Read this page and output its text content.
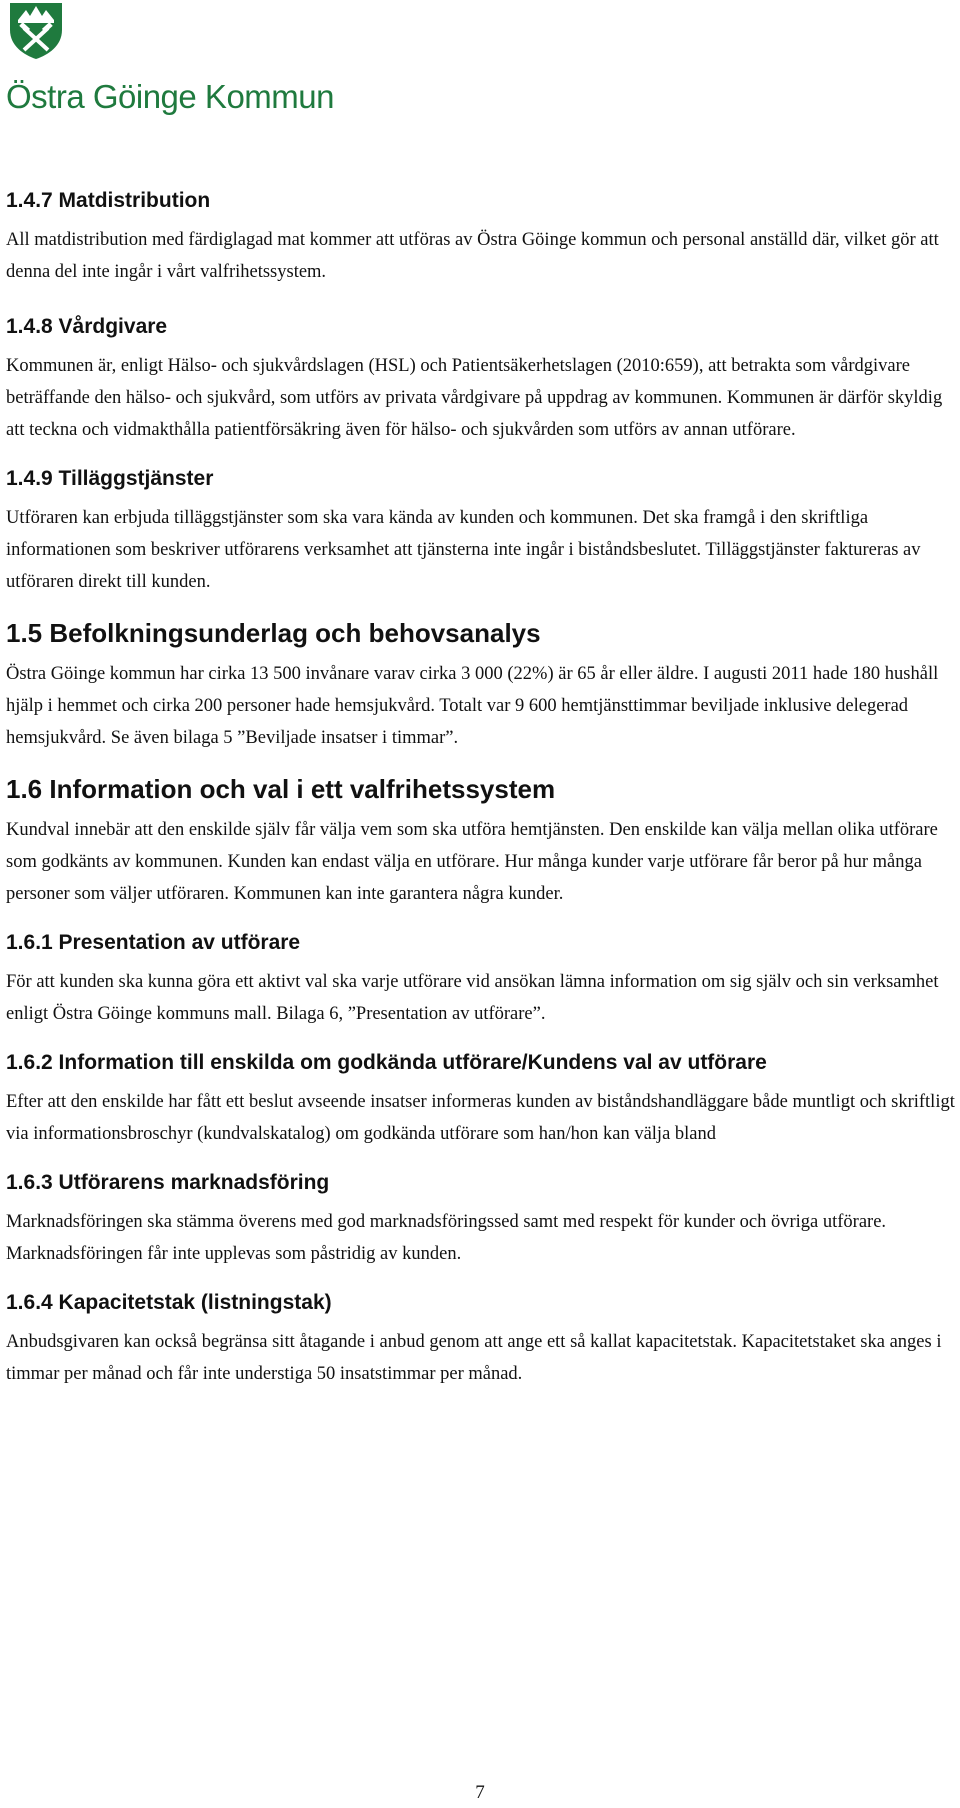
Östra Göinge Kommun
1.4.7 Matdistribution

All matdistribution med färdiglagad mat kommer att utföras av Östra Göinge kommun och personal anställd där, vilket gör att denna del inte ingår i vårt valfrihetssystem.

1.4.8 Vårdgivare

Kommunen är, enligt Hälso- och sjukvårdslagen (HSL) och Patientsäkerhetslagen (2010:659), att betrakta som vårdgivare beträffande den hälso- och sjukvård, som utförs av privata vårdgivare på uppdrag av kommunen. Kommunen är därför skyldig att teckna och vidmakthålla patientförsäkring även för hälso- och sjukvården som utförs av annan utförare.

1.4.9 Tilläggstjänster

Utföraren kan erbjuda tilläggstjänster som ska vara kända av kunden och kommunen. Det ska framgå i den skriftliga informationen som beskriver utförarens verksamhet att tjänsterna inte ingår i biståndsbeslutet. Tilläggstjänster faktureras av utföraren direkt till kunden.

1.5 Befolkningsunderlag och behovsanalys

Östra Göinge kommun har cirka 13 500 invånare varav cirka 3 000 (22%) är 65 år eller äldre. I augusti 2011 hade 180 hushåll hjälp i hemmet och cirka 200 personer hade hemsjukvård. Totalt var 9 600 hemtjänsttimmar beviljade inklusive delegerad hemsjukvård. Se även bilaga 5 ”Beviljade insatser i timmar”.

1.6 Information och val i ett valfrihetssystem

Kundval innebär att den enskilde själv får välja vem som ska utföra hemtjänsten. Den enskilde kan välja mellan olika utförare som godkänts av kommunen. Kunden kan endast välja en utförare. Hur många kunder varje utförare får beror på hur många personer som väljer utföraren. Kommunen kan inte garantera några kunder.

1.6.1 Presentation av utförare

För att kunden ska kunna göra ett aktivt val ska varje utförare vid ansökan lämna information om sig själv och sin verksamhet enligt Östra Göinge kommuns mall. Bilaga 6, ”Presentation av utförare”.

1.6.2 Information till enskilda om godkända utförare/Kundens val av utförare

Efter att den enskilde har fått ett beslut avseende insatser informeras kunden av biståndshandläggare både muntligt och skriftligt via informationsbroschyr (kundvalskatalog) om godkända utförare som han/hon kan välja bland

1.6.3 Utförarens marknadsföring

Marknadsföringen ska stämma överens med god marknadsföringssed samt med respekt för kunder och övriga utförare. Marknadsföringen får inte upplevas som påstridig av kunden.

1.6.4 Kapacitetstak (listningstak)

Anbudsgivaren kan också begränsa sitt åtagande i anbud genom att ange ett så kallat kapacitetstak. Kapacitetstaket ska anges i timmar per månad och får inte understiga 50 insatstimmar per månad.

7
